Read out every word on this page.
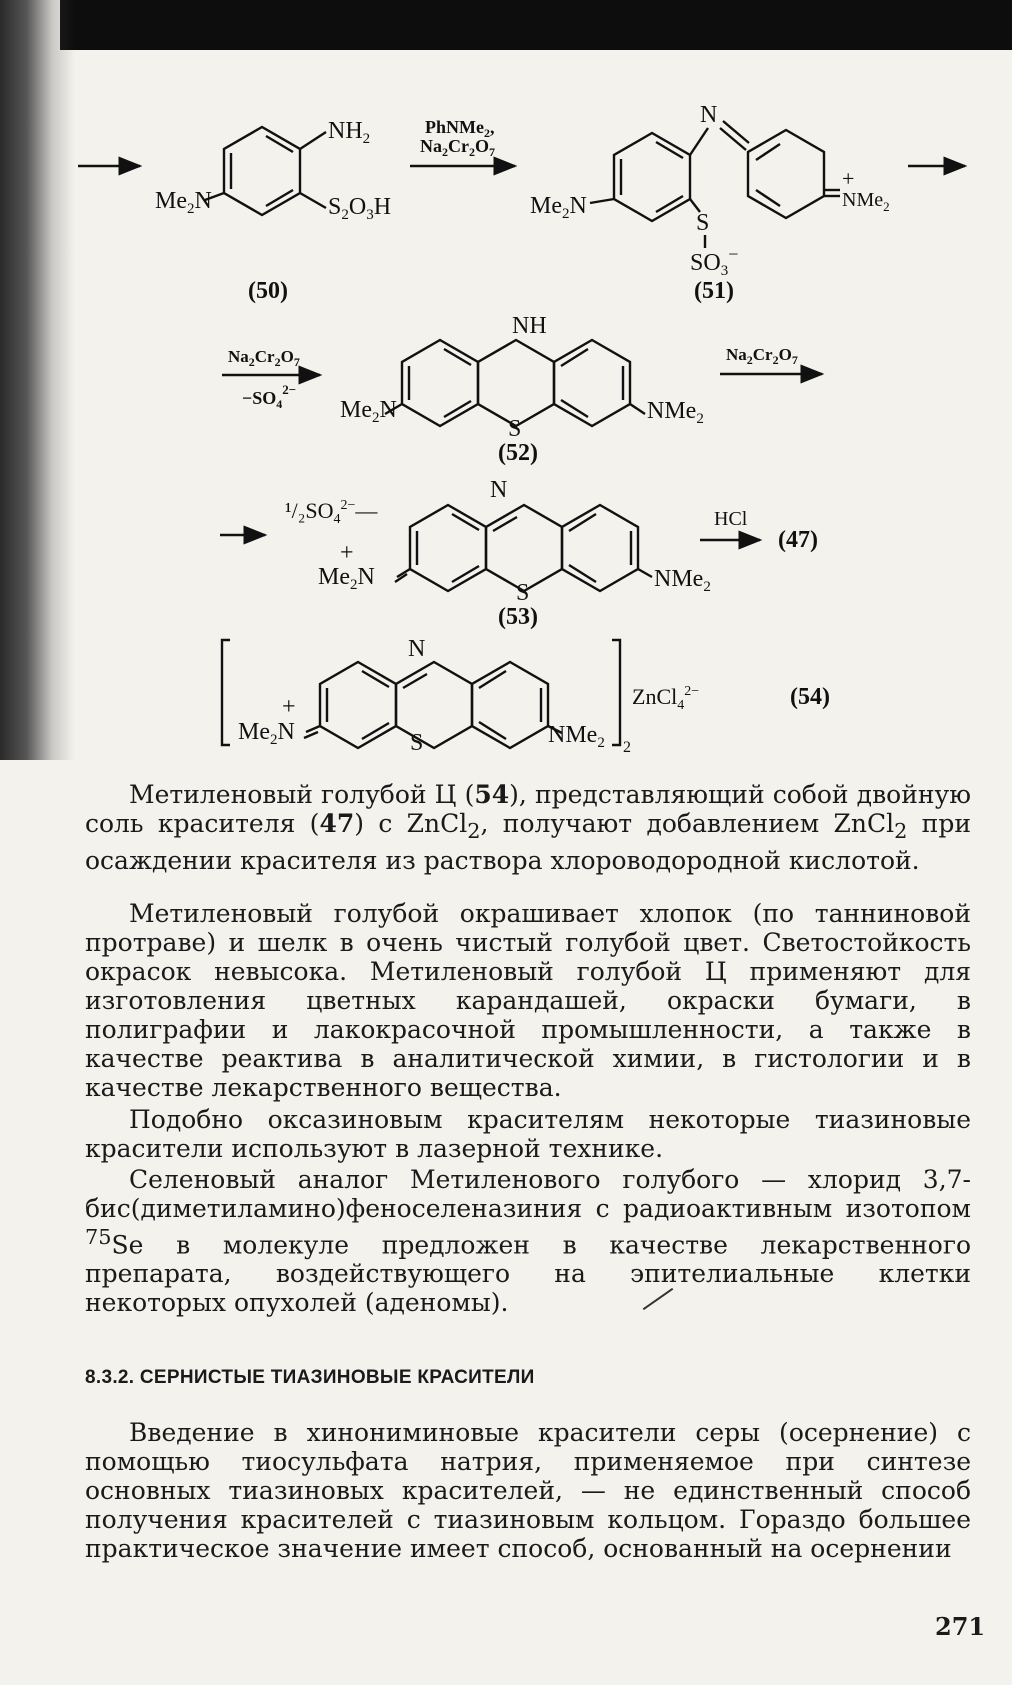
$NH_2$
$Me_2N$	$S_2O_3H$
(50)
PhNMe$_2$,
$Na_2Cr_2O_7$
N
$Me_2N$
S
$SO_3^-$
+
NMe$_2$
(51)
$Na_2Cr_2O_7$
$-SO_4^{2-}$
NH
$Me_2N$
S
NMe$_2$
(52)
$Na_2Cr_2O_7$
$^1/_2SO_4^{2-}—$
N
+
$Me_2N$
S
NMe$_2$
(53)
HCl
(47)
N
+
$Me_2N$	S	NMe$_2$ 2
ZnCl$_4^{2-}$	(54)

Метиленовый голубой Ц (54), представляющий собой двойную соль красителя (47) с ZnCl$_2$, получают добавлением ZnCl$_2$ при осаждении красителя из раствора хлороводородной кислотой.

Метиленовый голубой окрашивает хлопок (по танниновой протраве) и шелк в очень чистый голубой цвет. Светостойкость окрасок невысока. Метиленовый голубой Ц применяют для изготовления цветных карандашей, окраски бумаги, в полиграфии и лакокрасочной промышленности, а также в качестве реактива в аналитической химии, в гистологии и в качестве лекарственного вещества.

Подобно оксазиновым красителям некоторые тиазиновые красители используют в лазерной технике.

Селеновый аналог Метиленового голубого — хлорид 3,7-бис(диметиламино)феноселеназиния с радиоактивным изотопом $^{75}$Se в молекуле предложен в качестве лекарственного препарата, воздействующего на эпителиальные клетки некоторых опухолей (аденомы).

8.3.2. СЕРНИСТЫЕ ТИАЗИНОВЫЕ КРАСИТЕЛИ

Введение в хинониминовые красители серы (осернение) с помощью тиосульфата натрия, применяемое при синтезе основных тиазиновых красителей, — не единственный способ получения красителей с тиазиновым кольцом. Гораздо большее практическое значение имеет способ, основанный на осернении

271
